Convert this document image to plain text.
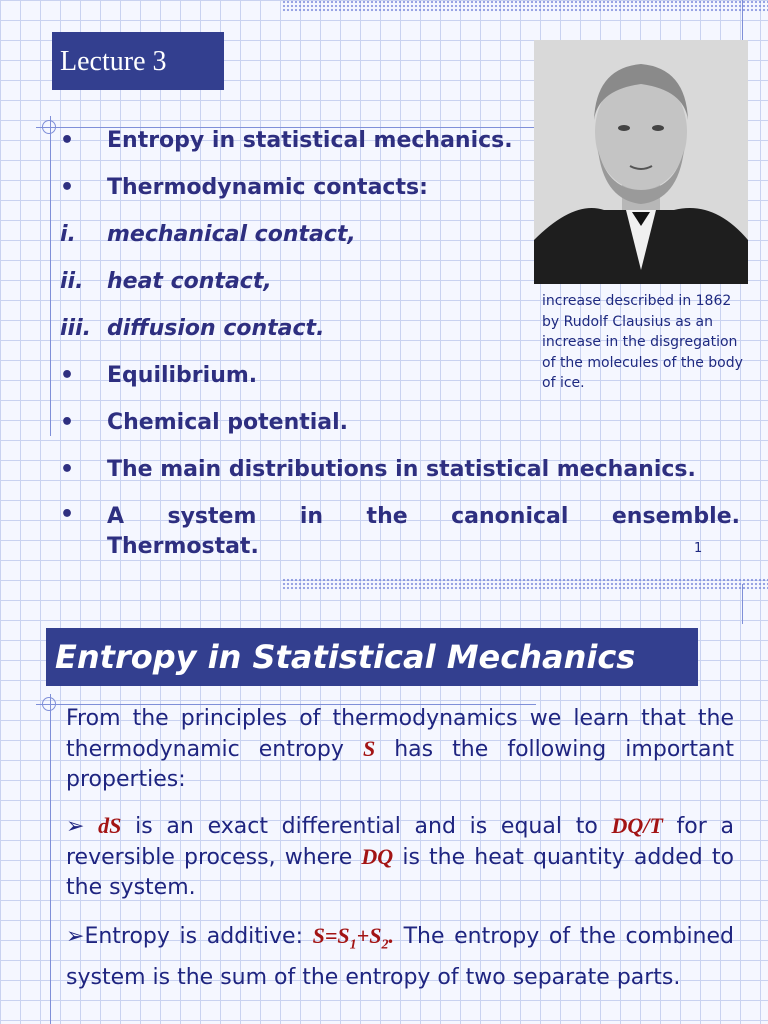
Lecture 3
•	Entropy in statistical mechanics.
•	Thermodynamic contacts:
i.	mechanical contact,
ii.	heat contact,
iii. diffusion contact.
•	Equilibrium.
•	Chemical potential.
•	The main distributions in statistical mechanics.
•	A system in the canonical ensemble.
Thermostat.
increase described in 1862 by Rudolf Clausius as an increase in the disgregation of the molecules of the body of ice.
1
Entropy in Statistical Mechanics
From the principles of thermodynamics we learn that the thermodynamic entropy S has the following important properties:
➢ dS is an exact differential and is equal to DQ/T for a reversible process, where DQ is the heat quantity added to the system.
➢Entropy is additive: $S=S_1+S_2$. The entropy of the combined system is the sum of the entropy of two separate parts.
